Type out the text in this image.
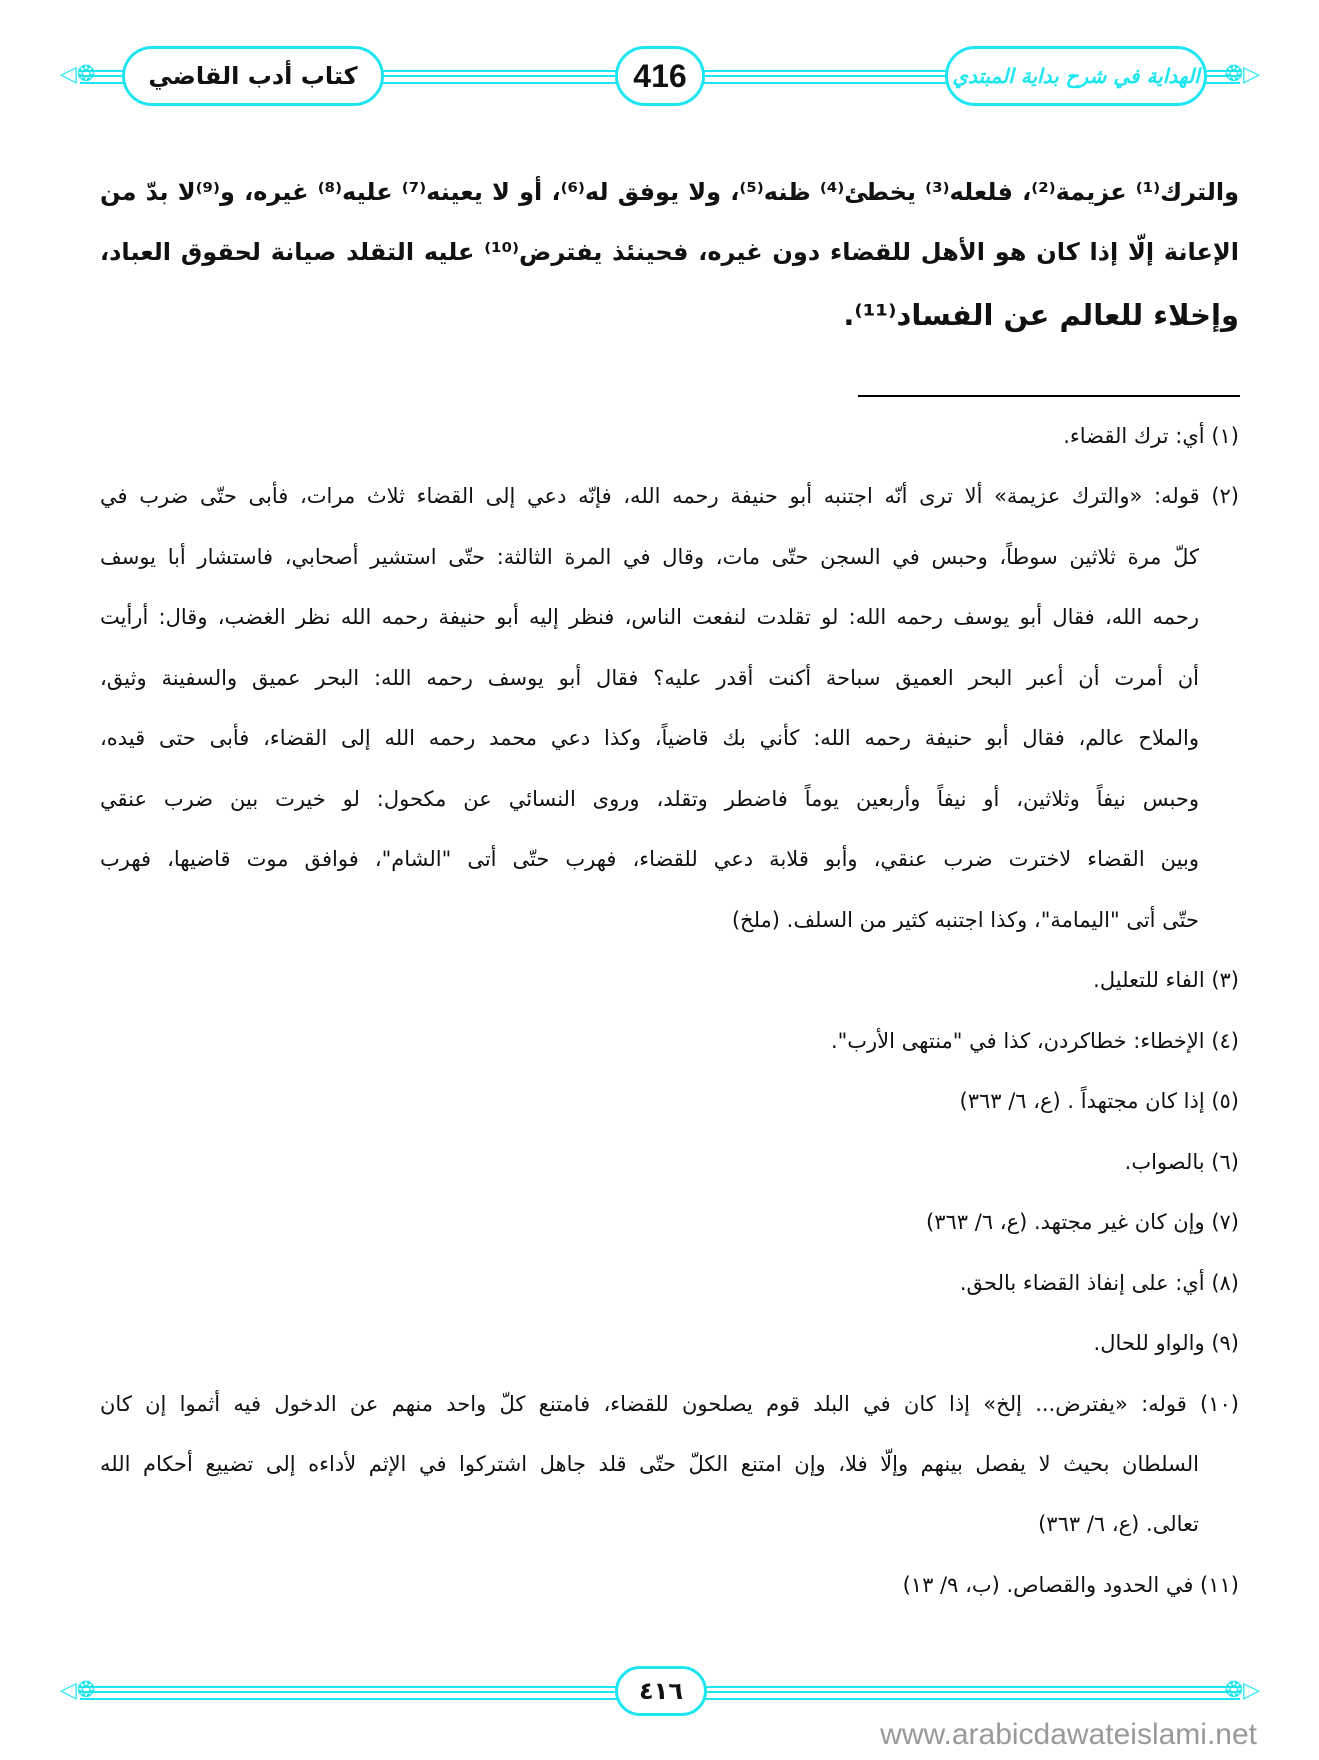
◁❂	❂▷
كتاب أدب القاضي	416	الهداية في شرح بداية المبتدي
والترك⁽¹⁾ عزيمة⁽²⁾، فلعله⁽³⁾ يخطئ⁽⁴⁾ ظنه⁽⁵⁾، ولا يوفق له⁽⁶⁾، أو لا يعينه⁽⁷⁾ عليه⁽⁸⁾ غيره، و⁽⁹⁾لا بدّ من
الإعانة إلّا إذا كان هو الأهل للقضاء دون غيره، فحينئذ يفترض⁽¹⁰⁾ عليه التقلد صيانة لحقوق العباد،
وإخلاء للعالم عن الفساد⁽¹¹⁾.
(١) أي: ترك القضاء.
(٢) قوله: «والترك عزيمة» ألا ترى أنّه اجتنبه أبو حنيفة رحمه الله، فإنّه دعي إلى القضاء ثلاث مرات، فأبى حتّى ضرب في
كلّ مرة ثلاثين سوطاً، وحبس في السجن حتّى مات، وقال في المرة الثالثة: حتّى استشير أصحابي، فاستشار أبا يوسف
رحمه الله، فقال أبو يوسف رحمه الله: لو تقلدت لنفعت الناس، فنظر إليه أبو حنيفة رحمه الله نظر الغضب، وقال: أرأيت
أن أمرت أن أعبر البحر العميق سباحة أكنت أقدر عليه؟ فقال أبو يوسف رحمه الله: البحر عميق والسفينة وثيق،
والملاح عالم، فقال أبو حنيفة رحمه الله: كأني بك قاضياً، وكذا دعي محمد رحمه الله إلى القضاء، فأبى حتى قيده،
وحبس نيفاً وثلاثين، أو نيفاً وأربعين يوماً فاضطر وتقلد، وروى النسائي عن مكحول: لو خيرت بين ضرب عنقي
وبين القضاء لاخترت ضرب عنقي، وأبو قلابة دعي للقضاء، فهرب حتّى أتى "الشام"، فوافق موت قاضيها، فهرب
حتّى أتى "اليمامة"، وكذا اجتنبه كثير من السلف. (ملخ)
(٣) الفاء للتعليل.
(٤) الإخطاء: خطاكردن، كذا في "منتهى الأرب".
(٥) إذا كان مجتهداً . (ع، ٦/ ٣٦٣)
(٦) بالصواب.
(٧) وإن كان غير مجتهد. (ع، ٦/ ٣٦٣)
(٨) أي: على إنفاذ القضاء بالحق.
(٩) والواو للحال.
(١٠) قوله: «يفترض... إلخ» إذا كان في البلد قوم يصلحون للقضاء، فامتنع كلّ واحد منهم عن الدخول فيه أثموا إن كان
السلطان بحيث لا يفصل بينهم وإلّا فلا، وإن امتنع الكلّ حتّى قلد جاهل اشتركوا في الإثم لأداءه إلى تضييع أحكام الله
تعالى. (ع، ٦/ ٣٦٣)
(١١) في الحدود والقصاص. (ب، ٩/ ١٣)
◁❂	❂▷
٤١٦
www.arabicdawateislami.net
